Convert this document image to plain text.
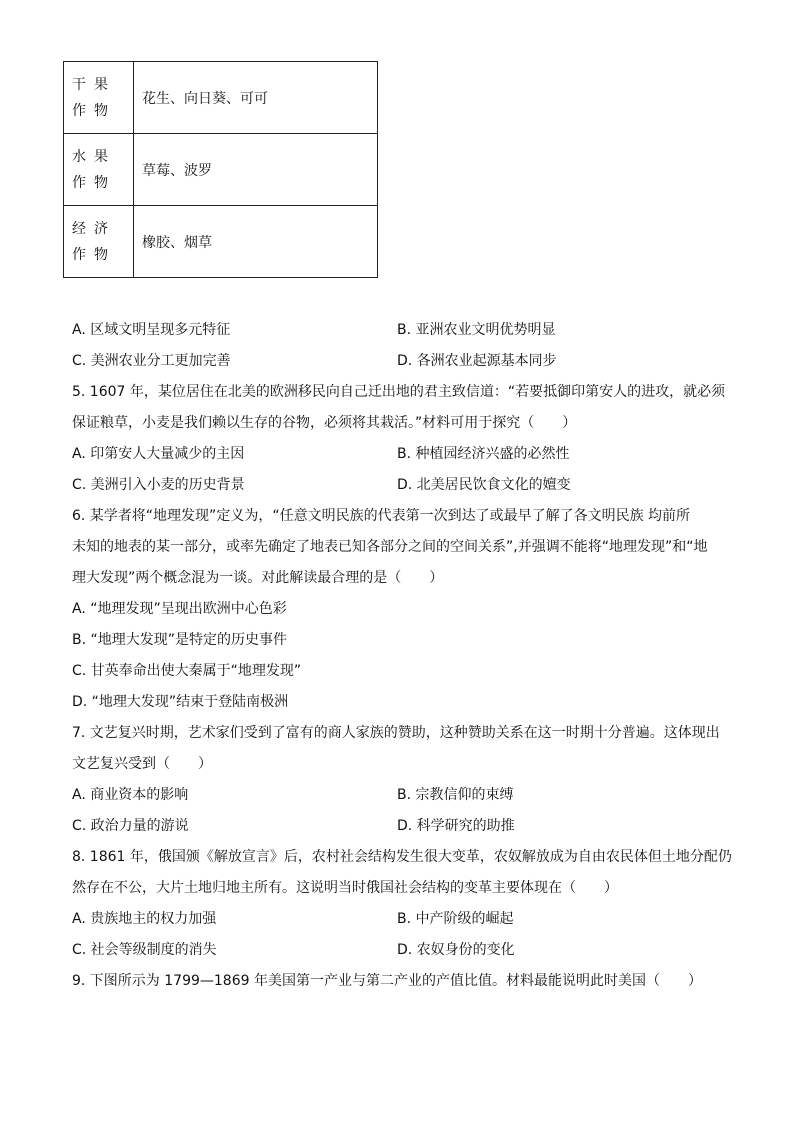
干果作物	花生、向日葵、可可
水果作物	草莓、波罗
经济作物	橡胶、烟草
A. 区域文明呈现多元特征	B. 亚洲农业文明优势明显
C. 美洲农业分工更加完善	D. 各洲农业起源基本同步
5. 1607 年，某位居住在北美的欧洲移民向自己迁出地的君主致信道：“若要抵御印第安人的进攻，就必须
保证粮草，小麦是我们赖以生存的谷物，必须将其栽活。”材料可用于探究（　　）
A. 印第安人大量减少的主因	B. 种植园经济兴盛的必然性
C. 美洲引入小麦的历史背景	D. 北美居民饮食文化的嬗变
6. 某学者将“地理发现”定义为，“任意文明民族的代表第一次到达了或最早了解了各文明民族 均前所
未知的地表的某一部分，或率先确定了地表已知各部分之间的空间关系”,并强调不能将“地理发现”和“地
理大发现”两个概念混为一谈。对此解读最合理的是（　　）
A. “地理发现”呈现出欧洲中心色彩
B. “地理大发现”是特定的历史事件
C. 甘英奉命出使大秦属于“地理发现”
D. “地理大发现”结束于登陆南极洲
7. 文艺复兴时期，艺术家们受到了富有的商人家族的赞助，这种赞助关系在这一时期十分普遍。这体现出
文艺复兴受到（　　）
A. 商业资本的影响	B. 宗教信仰的束缚
C. 政治力量的游说	D. 科学研究的助推
8. 1861 年，俄国颁《解放宣言》后，农村社会结构发生很大变革，农奴解放成为自由农民体但土地分配仍
然存在不公，大片土地归地主所有。这说明当时俄国社会结构的变革主要体现在（　　）
A. 贵族地主的权力加强	B. 中产阶级的崛起
C. 社会等级制度的消失	D. 农奴身份的变化
9. 下图所示为 1799—1869 年美国第一产业与第二产业的产值比值。材料最能说明此时美国（　　）
